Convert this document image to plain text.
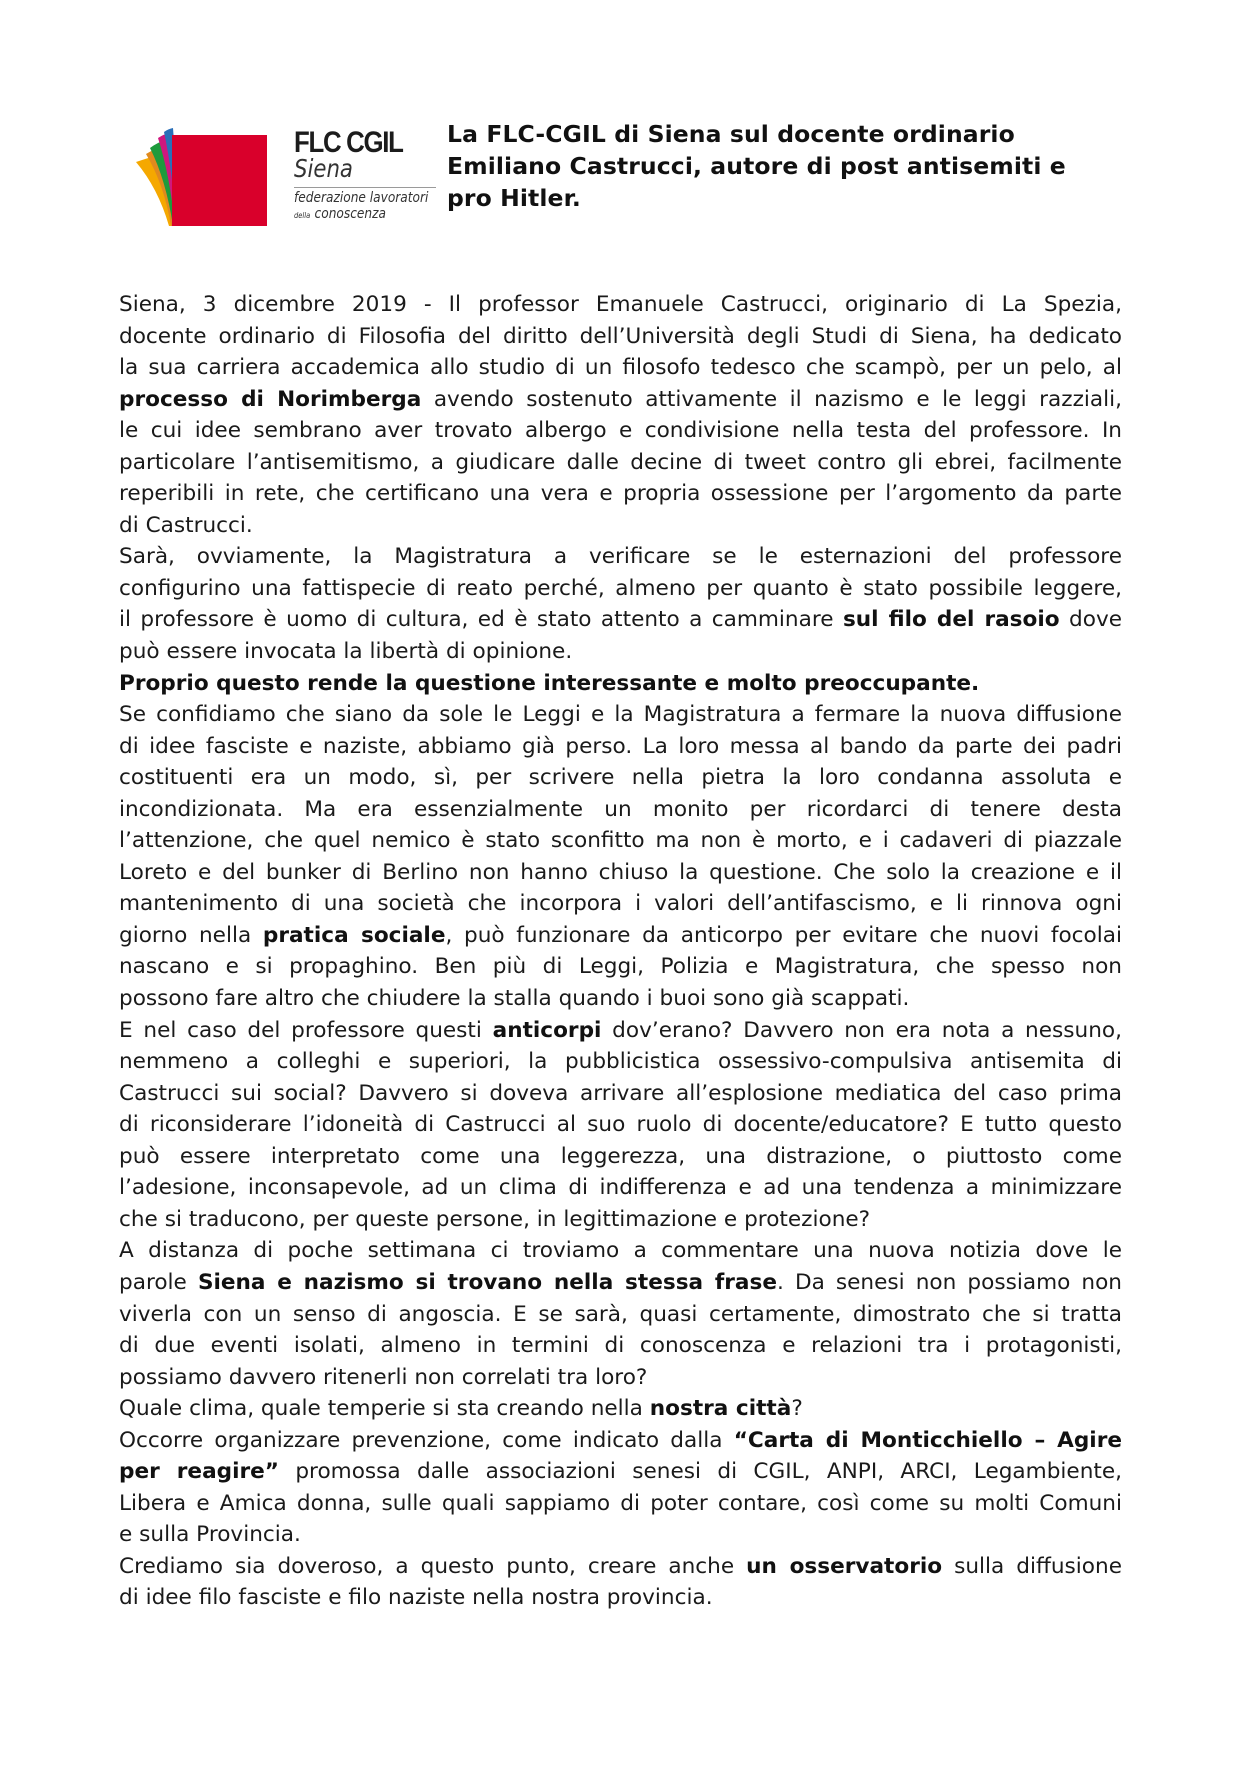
FLC CGIL
Siena
federazione lavoratori
della conoscenza
La FLC-CGIL di Siena sul docente ordinario
Emiliano Castrucci, autore di post antisemiti e
pro Hitler.
Siena, 3 dicembre 2019 - Il professor Emanuele Castrucci, originario di La Spezia,
docente ordinario di Filosofia del diritto dell’Università degli Studi di Siena, ha dedicato
la sua carriera accademica allo studio di un filosofo tedesco che scampò, per un pelo, al
processo di Norimberga avendo sostenuto attivamente il nazismo e le leggi razziali,
le cui idee sembrano aver trovato albergo e condivisione nella testa del professore. In
particolare l’antisemitismo, a giudicare dalle decine di tweet contro gli ebrei, facilmente
reperibili in rete, che certificano una vera e propria ossessione per l’argomento da parte
di Castrucci.
Sarà, ovviamente, la Magistratura a verificare se le esternazioni del professore
configurino una fattispecie di reato perché, almeno per quanto è stato possibile leggere,
il professore è uomo di cultura, ed è stato attento a camminare sul filo del rasoio dove
può essere invocata la libertà di opinione.
Proprio questo rende la questione interessante e molto preoccupante.
Se confidiamo che siano da sole le Leggi e la Magistratura a fermare la nuova diffusione
di idee fasciste e naziste, abbiamo già perso. La loro messa al bando da parte dei padri
costituenti era un modo, sì, per scrivere nella pietra la loro condanna assoluta e
incondizionata. Ma era essenzialmente un monito per ricordarci di tenere desta
l’attenzione, che quel nemico è stato sconfitto ma non è morto, e i cadaveri di piazzale
Loreto e del bunker di Berlino non hanno chiuso la questione. Che solo la creazione e il
mantenimento di una società che incorpora i valori dell’antifascismo, e li rinnova ogni
giorno nella pratica sociale, può funzionare da anticorpo per evitare che nuovi focolai
nascano e si propaghino. Ben più di Leggi, Polizia e Magistratura, che spesso non
possono fare altro che chiudere la stalla quando i buoi sono già scappati.
E nel caso del professore questi anticorpi dov’erano? Davvero non era nota a nessuno,
nemmeno a colleghi e superiori, la pubblicistica ossessivo-compulsiva antisemita di
Castrucci sui social? Davvero si doveva arrivare all’esplosione mediatica del caso prima
di riconsiderare l’idoneità di Castrucci al suo ruolo di docente/educatore? E tutto questo
può essere interpretato come una leggerezza, una distrazione, o piuttosto come
l’adesione, inconsapevole, ad un clima di indifferenza e ad una tendenza a minimizzare
che si traducono, per queste persone, in legittimazione e protezione?
A distanza di poche settimana ci troviamo a commentare una nuova notizia dove le
parole Siena e nazismo si trovano nella stessa frase. Da senesi non possiamo non
viverla con un senso di angoscia. E se sarà, quasi certamente, dimostrato che si tratta
di due eventi isolati, almeno in termini di conoscenza e relazioni tra i protagonisti,
possiamo davvero ritenerli non correlati tra loro?
Quale clima, quale temperie si sta creando nella nostra città?
Occorre organizzare prevenzione, come indicato dalla “Carta di Monticchiello – Agire
per reagire” promossa dalle associazioni senesi di CGIL, ANPI, ARCI, Legambiente,
Libera e Amica donna, sulle quali sappiamo di poter contare, così come su molti Comuni
e sulla Provincia.
Crediamo sia doveroso, a questo punto, creare anche un osservatorio sulla diffusione
di idee filo fasciste e filo naziste nella nostra provincia.
